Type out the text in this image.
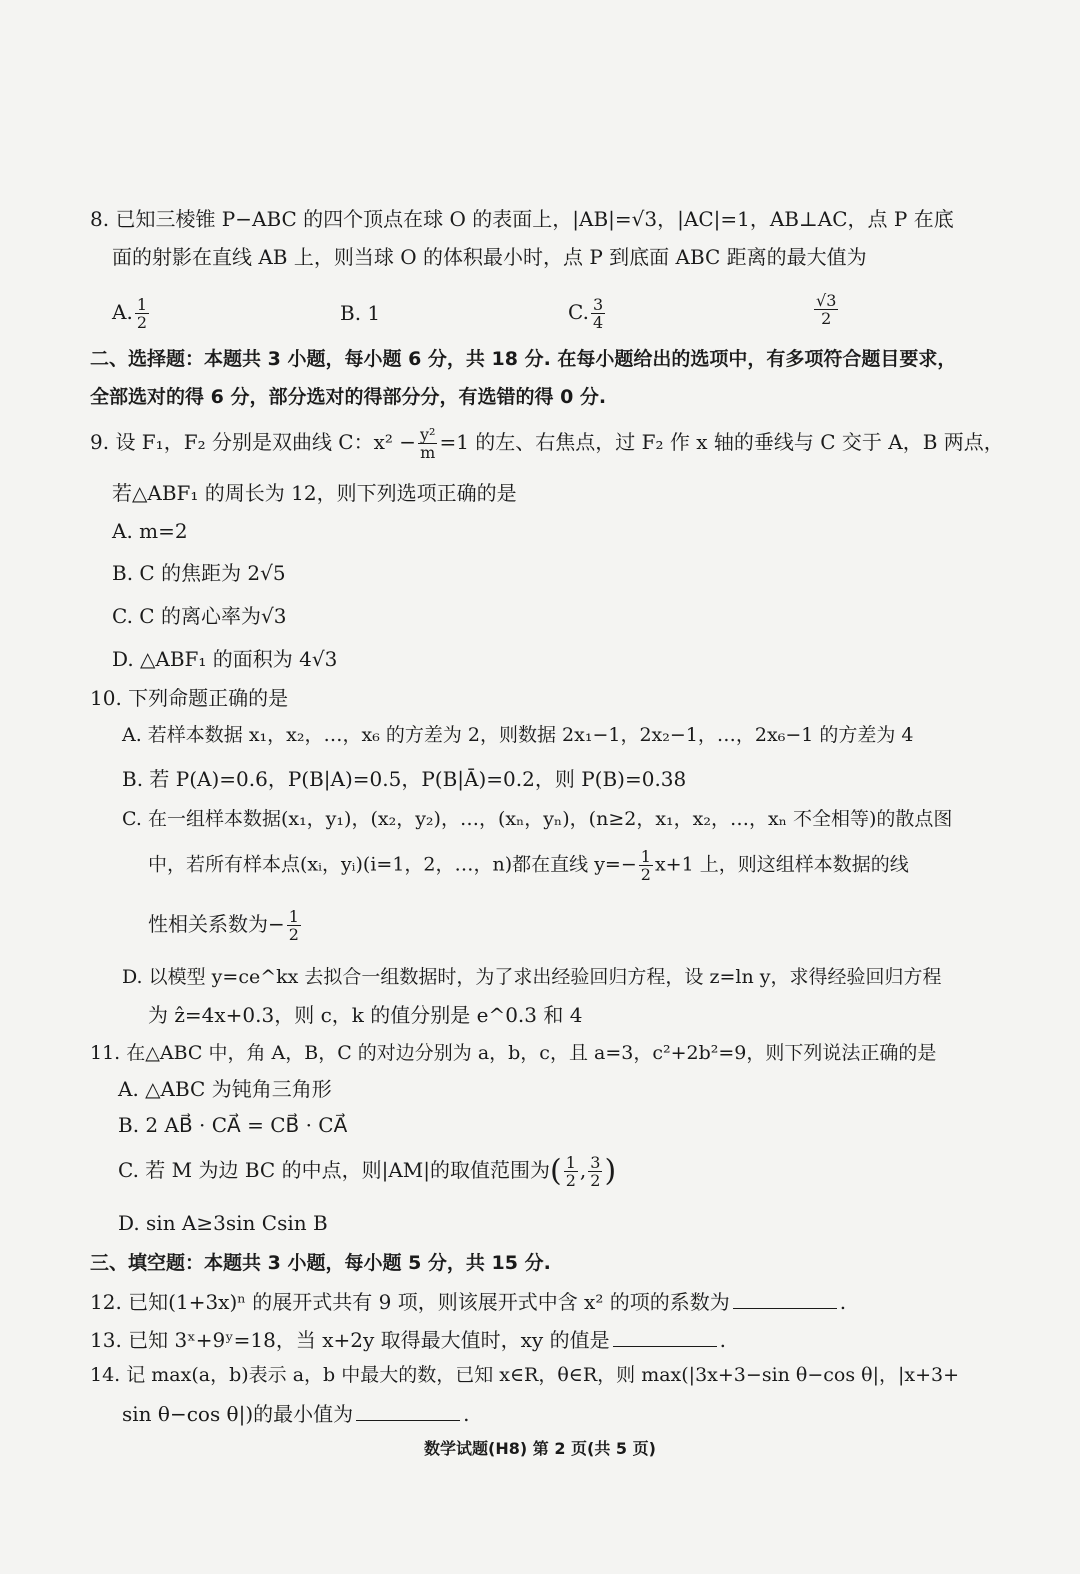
8. 已知三棱锥 P−ABC 的四个顶点在球 O 的表面上，|AB|=√3，|AC|=1，AB⊥AC，点 P 在底
面的射影在直线 AB 上，则当球 O 的体积最小时，点 P 到底面 ABC 距离的最大值为
A. $\frac{1}{2}$	B. 1	C. $\frac{3}{4}$	$\frac{√3}{2}$
二、选择题：本题共 3 小题，每小题 6 分，共 18 分. 在每小题给出的选项中，有多项符合题目要求，
全部选对的得 6 分，部分选对的得部分分，有选错的得 0 分.
9. 设 F₁，F₂ 分别是双曲线 C：$x^2 - \frac{\text{y²}}{m} =1$ 的左、右焦点，过 F₂ 作 x 轴的垂线与 C 交于 A，B 两点，
若△ABF₁ 的周长为 12，则下列选项正确的是
A. m=2
B. C 的焦距为 2√5
C. C 的离心率为√3
D. △ABF₁ 的面积为 4√3
10. 下列命题正确的是
A. 若样本数据 x₁，x₂，…，x₆ 的方差为 2，则数据 2x₁−1，2x₂−1，…，2x₆−1 的方差为 4
B. 若 P(A)=0.6，P(B|A)=0.5，P(B|Ā)=0.2，则 P(B)=0.38
C. 在一组样本数据(x₁，y₁)，(x₂，y₂)，…，(xₙ，yₙ)，(n≥2，x₁，x₂，…，xₙ 不全相等)的散点图
中，若所有样本点(xᵢ，yᵢ)(i=1，2，…，n)都在直线 $y=- \frac{1}{2} x+1$ 上，则这组样本数据的线
性相关系数为− $\frac{1}{2}$
D. 以模型 y=ce^kx 去拟合一组数据时，为了求出经验回归方程，设 z=ln y，求得经验回归方程
为 ẑ=4x+0.3，则 c，k 的值分别是 e^0.3 和 4
11. 在△ABC 中，角 A，B，C 的对边分别为 a，b，c，且 a=3，c²+2b²=9，则下列说法正确的是
A. △ABC 为钝角三角形
B. 2 AB⃗ · CA⃗ = CB⃗ · CA⃗
C. 若 M 为边 BC 的中点，则|AM|的取值范围为( $\frac{1}{2}$ , $\frac{3}{2}$ )
D. sin A≥3sin Csin B
三、填空题：本题共 3 小题，每小题 5 分，共 15 分.
12. 已知(1+3x)ⁿ 的展开式共有 9 项，则该展开式中含 x² 的项的系数为	.
13. 已知 3ˣ+9ʸ=18，当 x+2y 取得最大值时，xy 的值是	.
14. 记 max(a，b)表示 a，b 中最大的数，已知 x∈R，θ∈R，则 max(|3x+3−sin θ−cos θ|，|x+3+
sin θ−cos θ|)的最小值为	.
数学试题(H8) 第 2 页(共 5 页)
